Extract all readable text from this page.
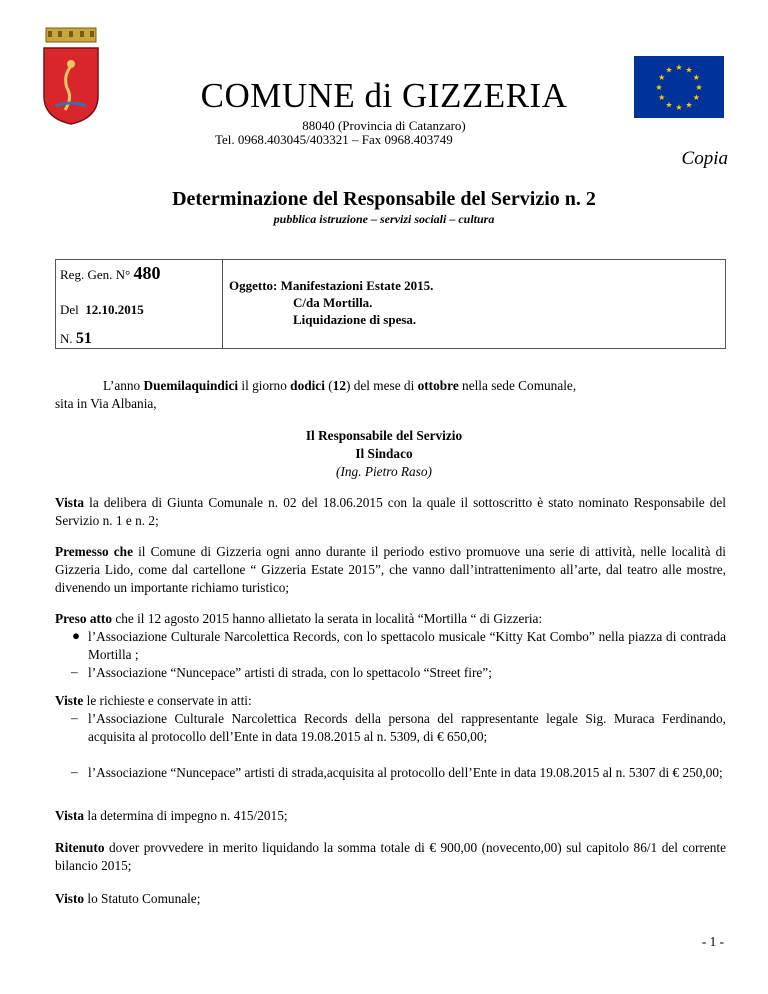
★ ★
★
★
★
★
★
★
★
★
★
★
COMUNE di GIZZERIA
88040 (Provincia di Catanzaro)
Tel. 0968.403045/403321 – Fax 0968.403749
Copia
Determinazione del Responsabile del Servizio n. 2
pubblica istruzione – servizi sociali – cultura
Reg. Gen. N° 480
Del 12.10.2015
N. 51
Oggetto: Manifestazioni Estate 2015.
C/da Mortilla.
Liquidazione di spesa.
L’anno Duemilaquindici il giorno dodici (12) del mese di ottobre nella sede Comunale,
sita in Via Albania,
Il Responsabile del Servizio
Il Sindaco
(Ing. Pietro Raso)
Vista la delibera di Giunta Comunale n. 02 del 18.06.2015 con la quale il sottoscritto è stato nominato Responsabile del Servizio n. 1 e n. 2;
Premesso che il Comune di Gizzeria ogni anno durante il periodo estivo promuove una serie di attività, nelle località di Gizzeria Lido, come dal cartellone “ Gizzeria Estate 2015”, che vanno dall’intrattenimento all’arte, dal teatro alle mostre, divenendo un importante richiamo turistico;
Preso atto che il 12 agosto 2015 hanno allietato la serata in località “Mortilla “ di Gizzeria:
● l’Associazione Culturale Narcolettica Records, con lo spettacolo musicale “Kitty Kat Combo” nella piazza di contrada Mortilla ;
– l’Associazione “Nuncepace” artisti di strada, con lo spettacolo “Street fire”;
Viste le richieste e conservate in atti:
– l’Associazione Culturale Narcolettica Records della persona del rappresentante legale Sig. Muraca Ferdinando, acquisita al protocollo dell’Ente in data 19.08.2015 al n. 5309, di € 650,00;
– l’Associazione “Nuncepace” artisti di strada,acquisita al protocollo dell’Ente in data 19.08.2015 al n. 5307 di € 250,00;
Vista la determina di impegno n. 415/2015;
Ritenuto dover provvedere in merito liquidando la somma totale di € 900,00 (novecento,00) sul capitolo 86/1 del corrente bilancio 2015;
Visto lo Statuto Comunale;
- 1 -
